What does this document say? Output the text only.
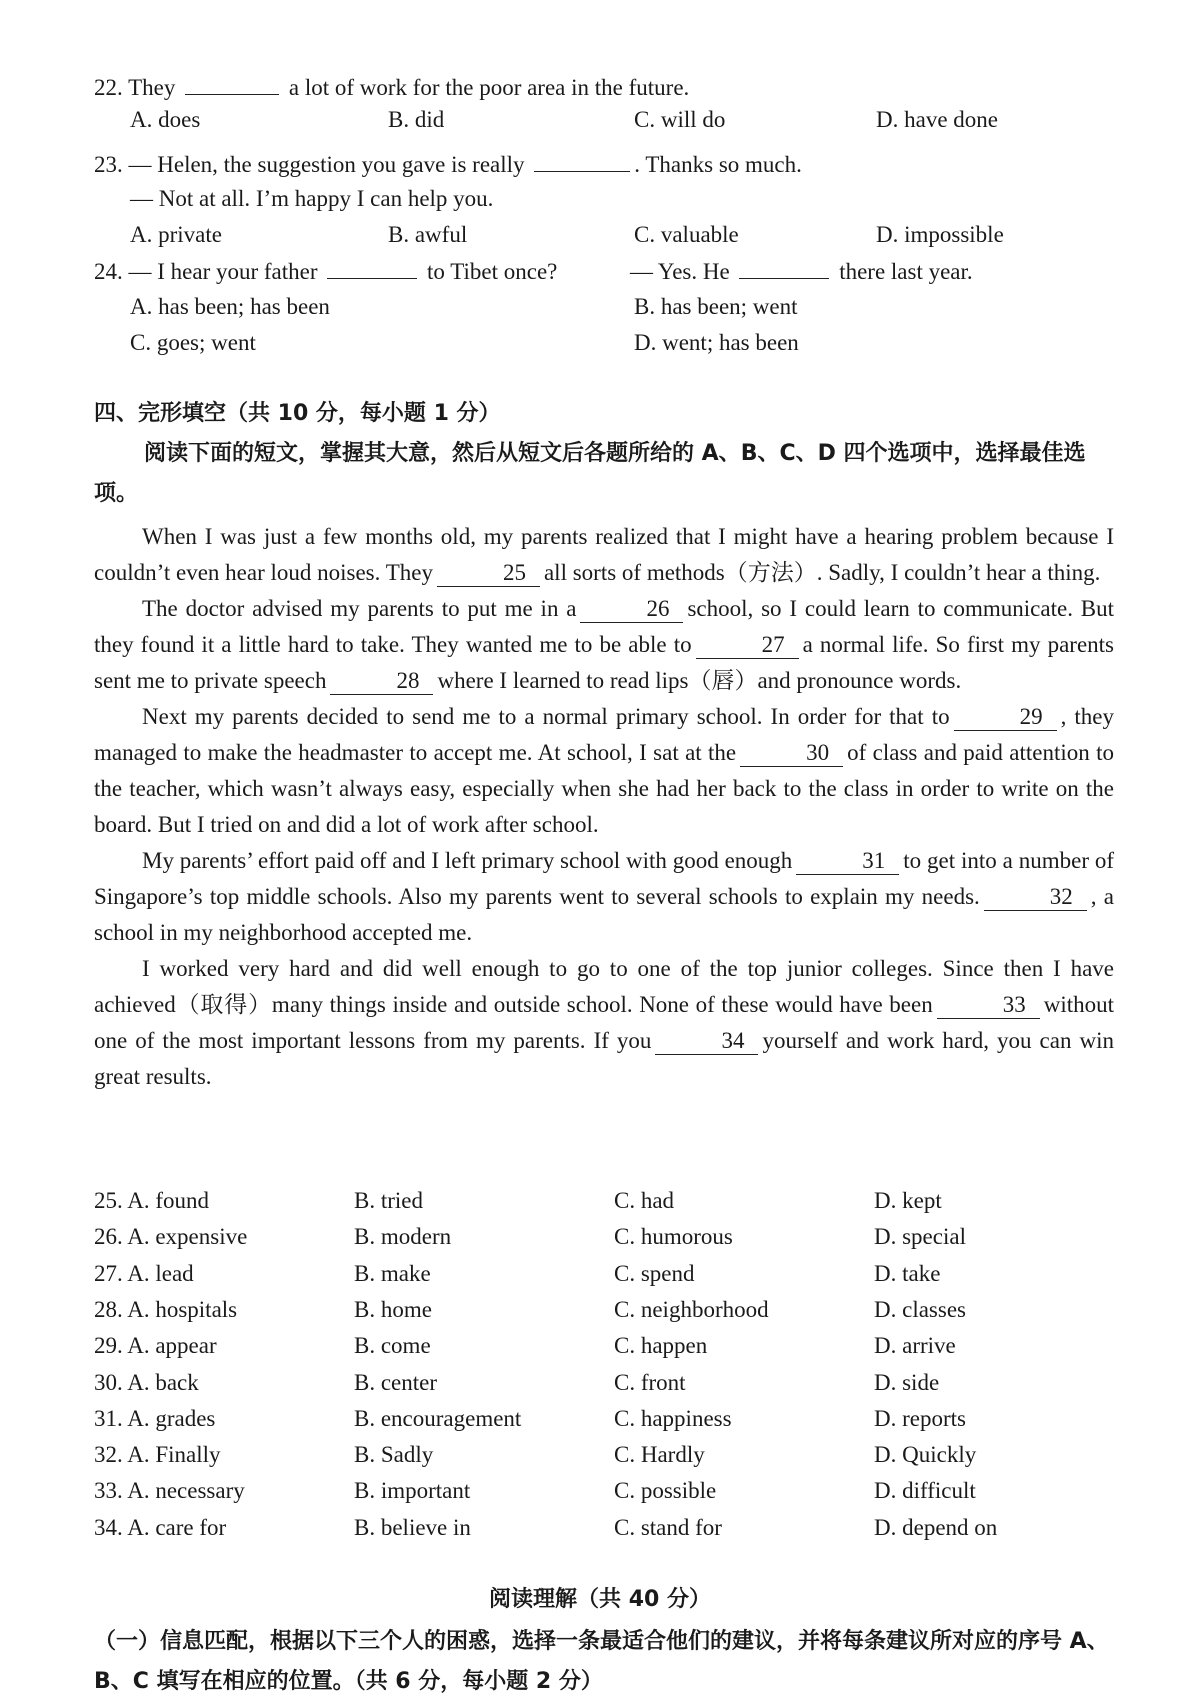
22. They	a lot of work for the poor area in the future.
A. does	B. did	C. will do	D. have done
23. — Helen, the suggestion you gave is really	. Thanks so much.
— Not at all. I’m happy I can help you.
A. private	B. awful	C. valuable	D. impossible
24. — I hear your father	to Tibet once?	— Yes. He	there last year.
A. has been; has been	B. has been; went
C. goes; went	D. went; has been
四、完形填空（共 10 分，每小题 1 分）
阅读下面的短文，掌握其大意，然后从短文后各题所给的 A、B、C、D 四个选项中，选择最佳选项。

When I was just a few months old, my parents realized that I might have a hearing problem because I couldn’t even hear loud noises. They	25 all sorts of methods（方法）. Sadly, I couldn’t hear a thing.

The doctor advised my parents to put me in a	26 school, so I could learn to communicate. But they found it a little hard to take. They wanted me to be able to	27 a normal life. So first my parents sent me to private speech	28 where I learned to read lips（唇）and pronounce words.

Next my parents decided to send me to a normal primary school. In order for that to	29 , they managed to make the headmaster to accept me. At school, I sat at the	30 of class and paid attention to the teacher, which wasn’t always easy, especially when she had her back to the class in order to write on the board. But I tried on and did a lot of work after school.

My parents’ effort paid off and I left primary school with good enough	31 to get into a number of Singapore’s top middle schools. Also my parents went to several schools to explain my needs.	32 , a school in my neighborhood accepted me.

I worked very hard and did well enough to go to one of the top junior colleges. Since then I have achieved（取得）many things inside and outside school. None of these would have been	33 without one of the most important lessons from my parents. If you	34 yourself and work hard, you can win great results.

25. A. found	B. tried	C. had	D. kept
26. A. expensive	B. modern	C. humorous	D. special
27. A. lead	B. make	C. spend	D. take
28. A. hospitals	B. home	C. neighborhood	D. classes
29. A. appear	B. come	C. happen	D. arrive
30. A. back	B. center	C. front	D. side
31. A. grades	B. encouragement	C. happiness	D. reports
32. A. Finally	B. Sadly	C. Hardly	D. Quickly
33. A. necessary	B. important	C. possible	D. difficult
34. A. care for	B. believe in	C. stand for	D. depend on
阅读理解（共 40 分）
（一）信息匹配，根据以下三个人的困惑，选择一条最适合他们的建议，并将每条建议所对应的序号 A、B、C 填写在相应的位置。（共 6 分，每小题 2 分）
